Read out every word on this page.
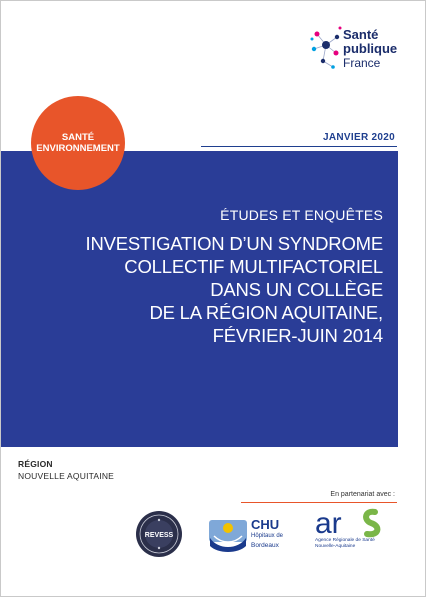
Santé
publique
France
JANVIER 2020
ÉTUDES ET ENQUÊTES
INVESTIGATION D’UN SYNDROME
COLLECTIF MULTIFACTORIEL
DANS UN COLLÈGE
DE LA RÉGION AQUITAINE,
FÉVRIER-JUIN 2014
SANTÉ
ENVIRONNEMENT
RÉGION
NOUVELLE AQUITAINE
En partenariat avec :
REVESS
CHU
Hôpitaux de
Bordeaux
ar
Agence Régionale de Santé
Nouvelle-Aquitaine
